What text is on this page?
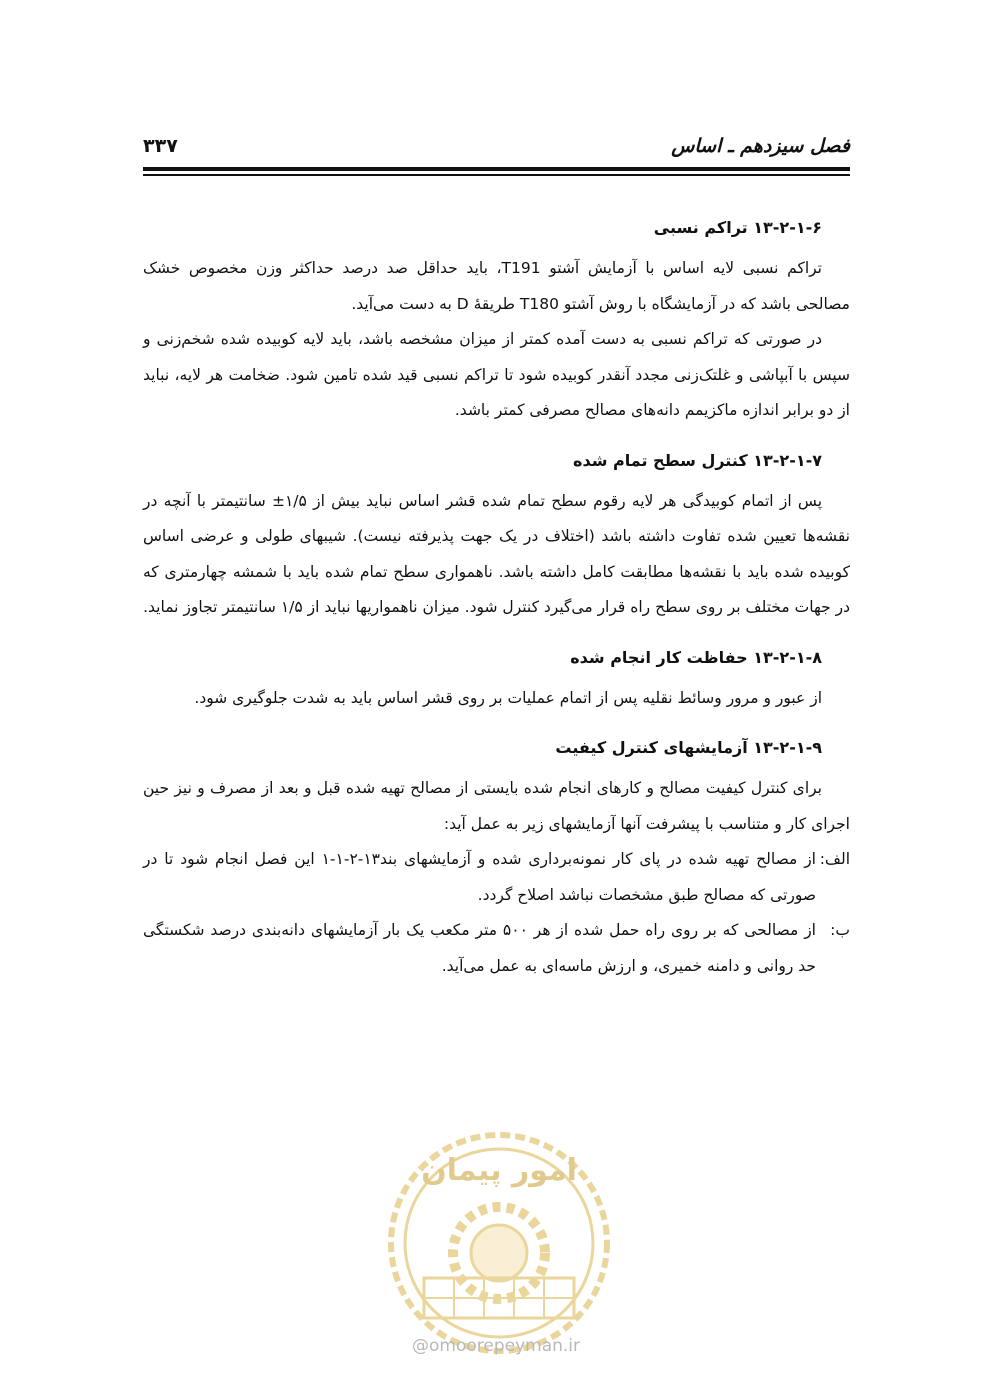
فصل سیزدهم ـ اساس
۳۳۷
۱۳-۲-۱-۶ تراکم نسبی

تراکم نسبی لایه اساس با آزمایش آشتو T191، باید حداقل صد درصد حداکثر وزن مخصوص خشک مصالحی باشد که در آزمایشگاه با روش آشتو T180 طریقهٔ D به دست می‌آید.

در صورتی که تراکم نسبی به دست آمده کمتر از میزان مشخصه باشد، باید لایه کوبیده شده شخم‌زنی و سپس با آبپاشی و غلتک‌زنی مجدد آنقدر کوبیده شود تا تراکم نسبی قید شده تامین شود. ضخامت هر لایه، نباید از دو برابر اندازه ماکزیمم دانه‌های مصالح مصرفی کمتر باشد.

۱۳-۲-۱-۷ کنترل سطح تمام شده

پس از اتمام کوبیدگی هر لایه رقوم سطح تمام شده قشر اساس نباید بیش از ۱/۵± سانتیمتر با آنچه در نقشه‌ها تعیین شده تفاوت داشته باشد (اختلاف در یک جهت پذیرفته نیست). شیبهای طولی و عرضی اساس کوبیده شده باید با نقشه‌ها مطابقت کامل داشته باشد. ناهمواری سطح تمام شده باید با شمشه چهارمتری که در جهات مختلف بر روی سطح راه قرار می‌گیرد کنترل شود. میزان ناهمواریها نباید از ۱/۵ سانتیمتر تجاوز نماید.

۱۳-۲-۱-۸ حفاظت کار انجام شده

از عبور و مرور وسائط نقلیه پس از اتمام عملیات بر روی قشر اساس باید به شدت جلوگیری شود.

۱۳-۲-۱-۹ آزمایشهای کنترل کیفیت

برای کنترل کیفیت مصالح و کارهای انجام شده بایستی از مصالح تهیه شده قبل و بعد از مصرف و نیز حین اجرای کار و متناسب با پیشرفت آنها آزمایشهای زیر به عمل آید:

الف:
از مصالح تهیه شده در پای کار نمونه‌برداری شده و آزمایشهای بند۱۳-۲-۱-۱ این فصل انجام شود تا در صورتی که مصالح طبق مشخصات نباشد اصلاح گردد.
ب:
از مصالحی که بر روی راه حمل شده از هر ۵۰۰ متر مکعب یک بار آزمایشهای دانه‌بندی درصد شکستگی حد روانی و دامنه خمیری، و ارزش ماسه‌ای به عمل می‌آید.
امور پیمان
@omoorepeyman.ir
